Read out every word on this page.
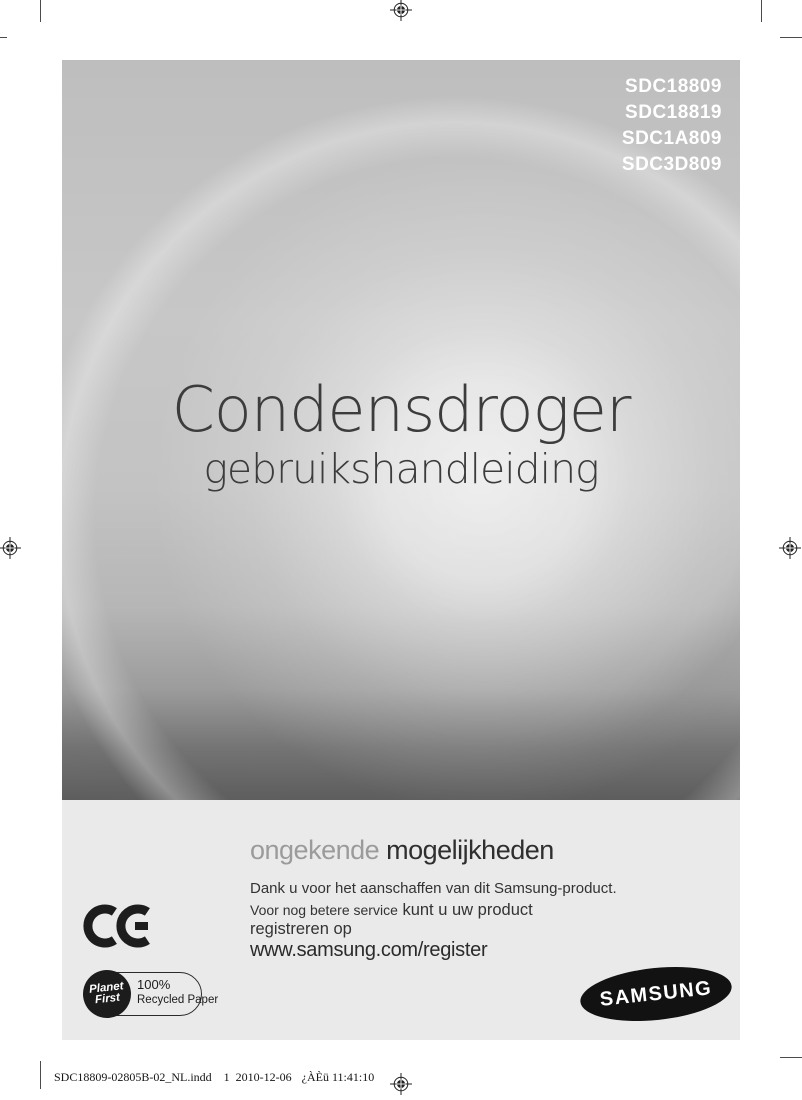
SDC18809
SDC18819
SDC1A809
SDC3D809
Condensdroger
gebruikshandleiding
ongekende mogelijkheden
Dank u voor het aanschaffen van dit Samsung-product.
Voor nog betere service kunt u uw product
registreren op
www.samsung.com/register
Planet
First
100%
Recycled Paper	SAMSUNG
SDC18809-02805B-02_NL.indd 1 2010-12-06 ¿ÀÈü 11:41:10
